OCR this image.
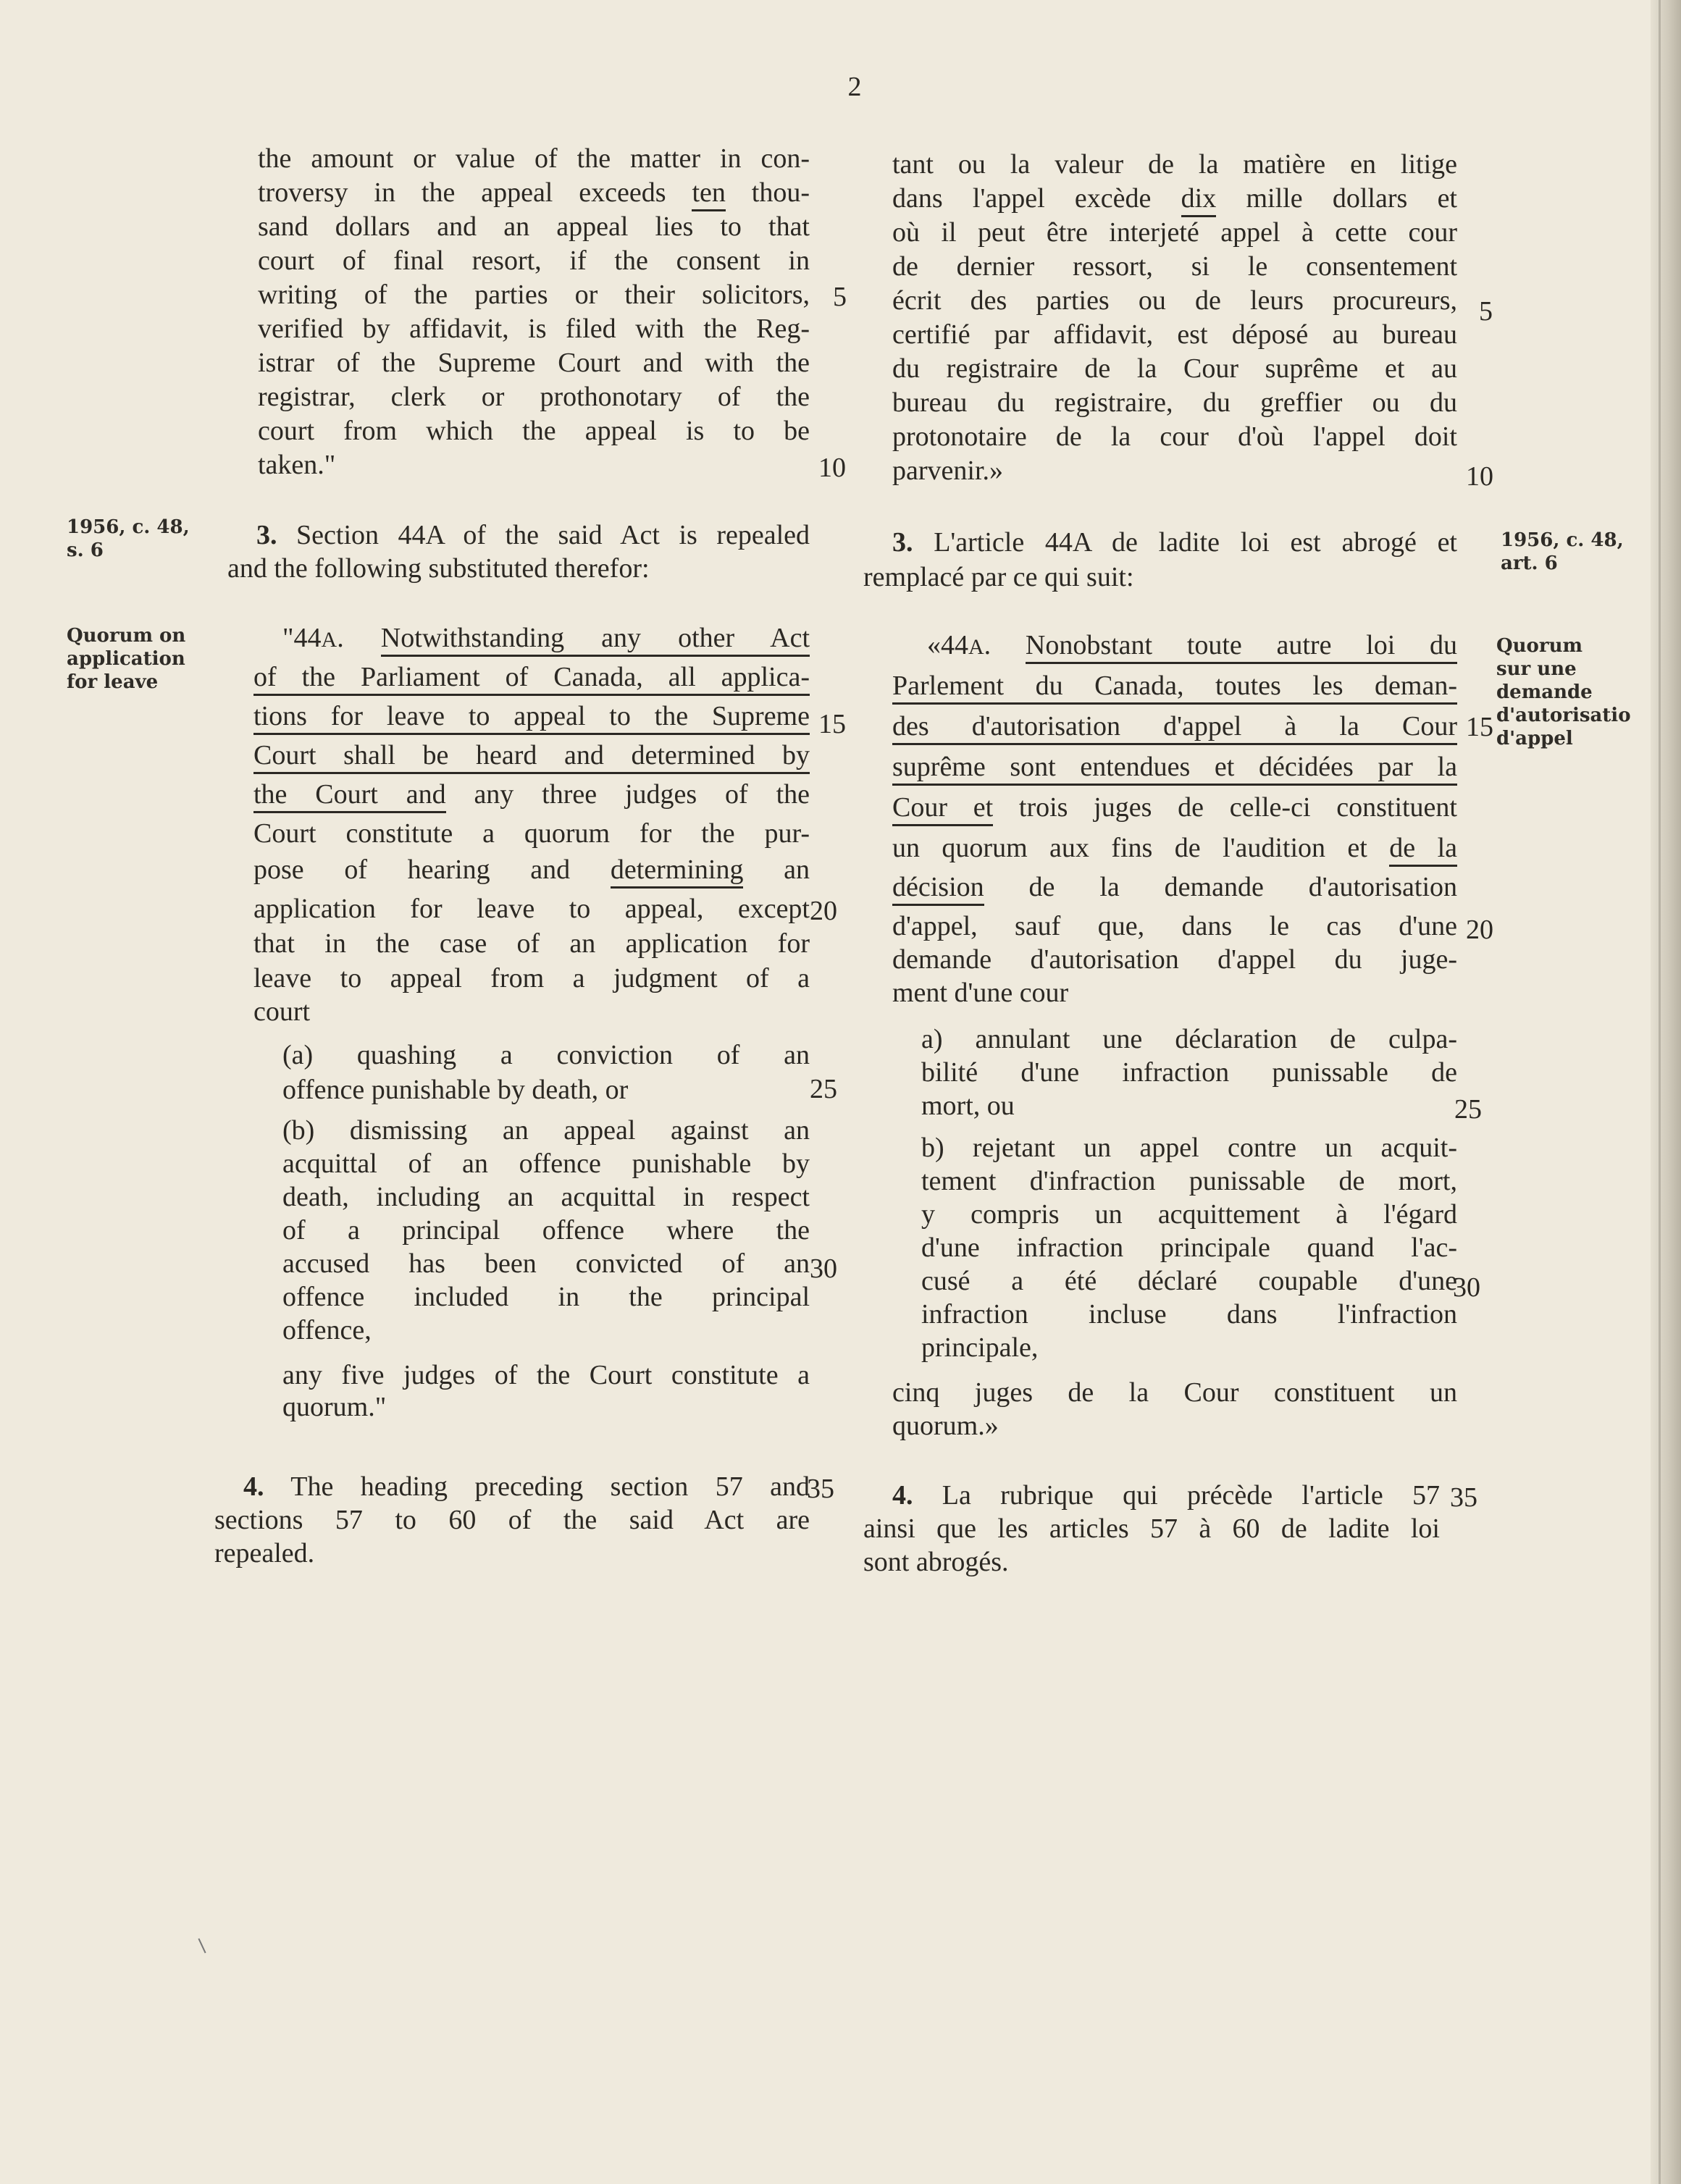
2
the amount or value of the matter in con-
troversy in the appeal exceeds ten thou-
sand dollars and an appeal lies to that
court of final resort, if the consent in
writing of the parties or their solicitors,
verified by affidavit, is filed with the Reg-
istrar of the Supreme Court and with the
registrar, clerk or prothonotary of the
court from which the appeal is to be
taken."
3. Section 44A of the said Act is repealed
and the following substituted therefor:
"44A. Notwithstanding any other Act
of the Parliament of Canada, all applica-
tions for leave to appeal to the Supreme
Court shall be heard and determined by
the Court and any three judges of the
Court constitute a quorum for the pur-
pose of hearing and determining an
application for leave to appeal, except
that in the case of an application for
leave to appeal from a judgment of a
court
(a) quashing a conviction of an
offence punishable by death, or
(b) dismissing an appeal against an
acquittal of an offence punishable by
death, including an acquittal in respect
of a principal offence where the
accused has been convicted of an
offence included in the principal
offence,
any five judges of the Court constitute a
quorum."
4. The heading preceding section 57 and
sections 57 to 60 of the said Act are
repealed.
tant ou la valeur de la matière en litige
dans l'appel excède dix mille dollars et
où il peut être interjeté appel à cette cour
de dernier ressort, si le consentement
écrit des parties ou de leurs procureurs,
certifié par affidavit, est déposé au bureau
du registraire de la Cour suprême et au
bureau du registraire, du greffier ou du
protonotaire de la cour d'où l'appel doit
parvenir.»
3. L'article 44A de ladite loi est abrogé et
remplacé par ce qui suit:
«44A. Nonobstant toute autre loi du
Parlement du Canada, toutes les deman-
des d'autorisation d'appel à la Cour
suprême sont entendues et décidées par la
Cour et trois juges de celle-ci constituent
un quorum aux fins de l'audition et de la
décision de la demande d'autorisation
d'appel, sauf que, dans le cas d'une
demande d'autorisation d'appel du juge-
ment d'une cour
a) annulant une déclaration de culpa-
bilité d'une infraction punissable de
mort, ou
b) rejetant un appel contre un acquit-
tement d'infraction punissable de mort,
y compris un acquittement à l'égard
d'une infraction principale quand l'ac-
cusé a été déclaré coupable d'une
infraction incluse dans l'infraction
principale,
cinq juges de la Cour constituent un
quorum.»
4. La rubrique qui précède l'article 57
ainsi que les articles 57 à 60 de ladite loi
sont abrogés.
1956, c. 48,
s. 6
Quorum on
application
for leave
1956, c. 48,
art. 6
Quorum
sur une
demande
d'autorisatio
d'appel
5
10
15
20
25
30
35
5
10
15
20
25
30
35
